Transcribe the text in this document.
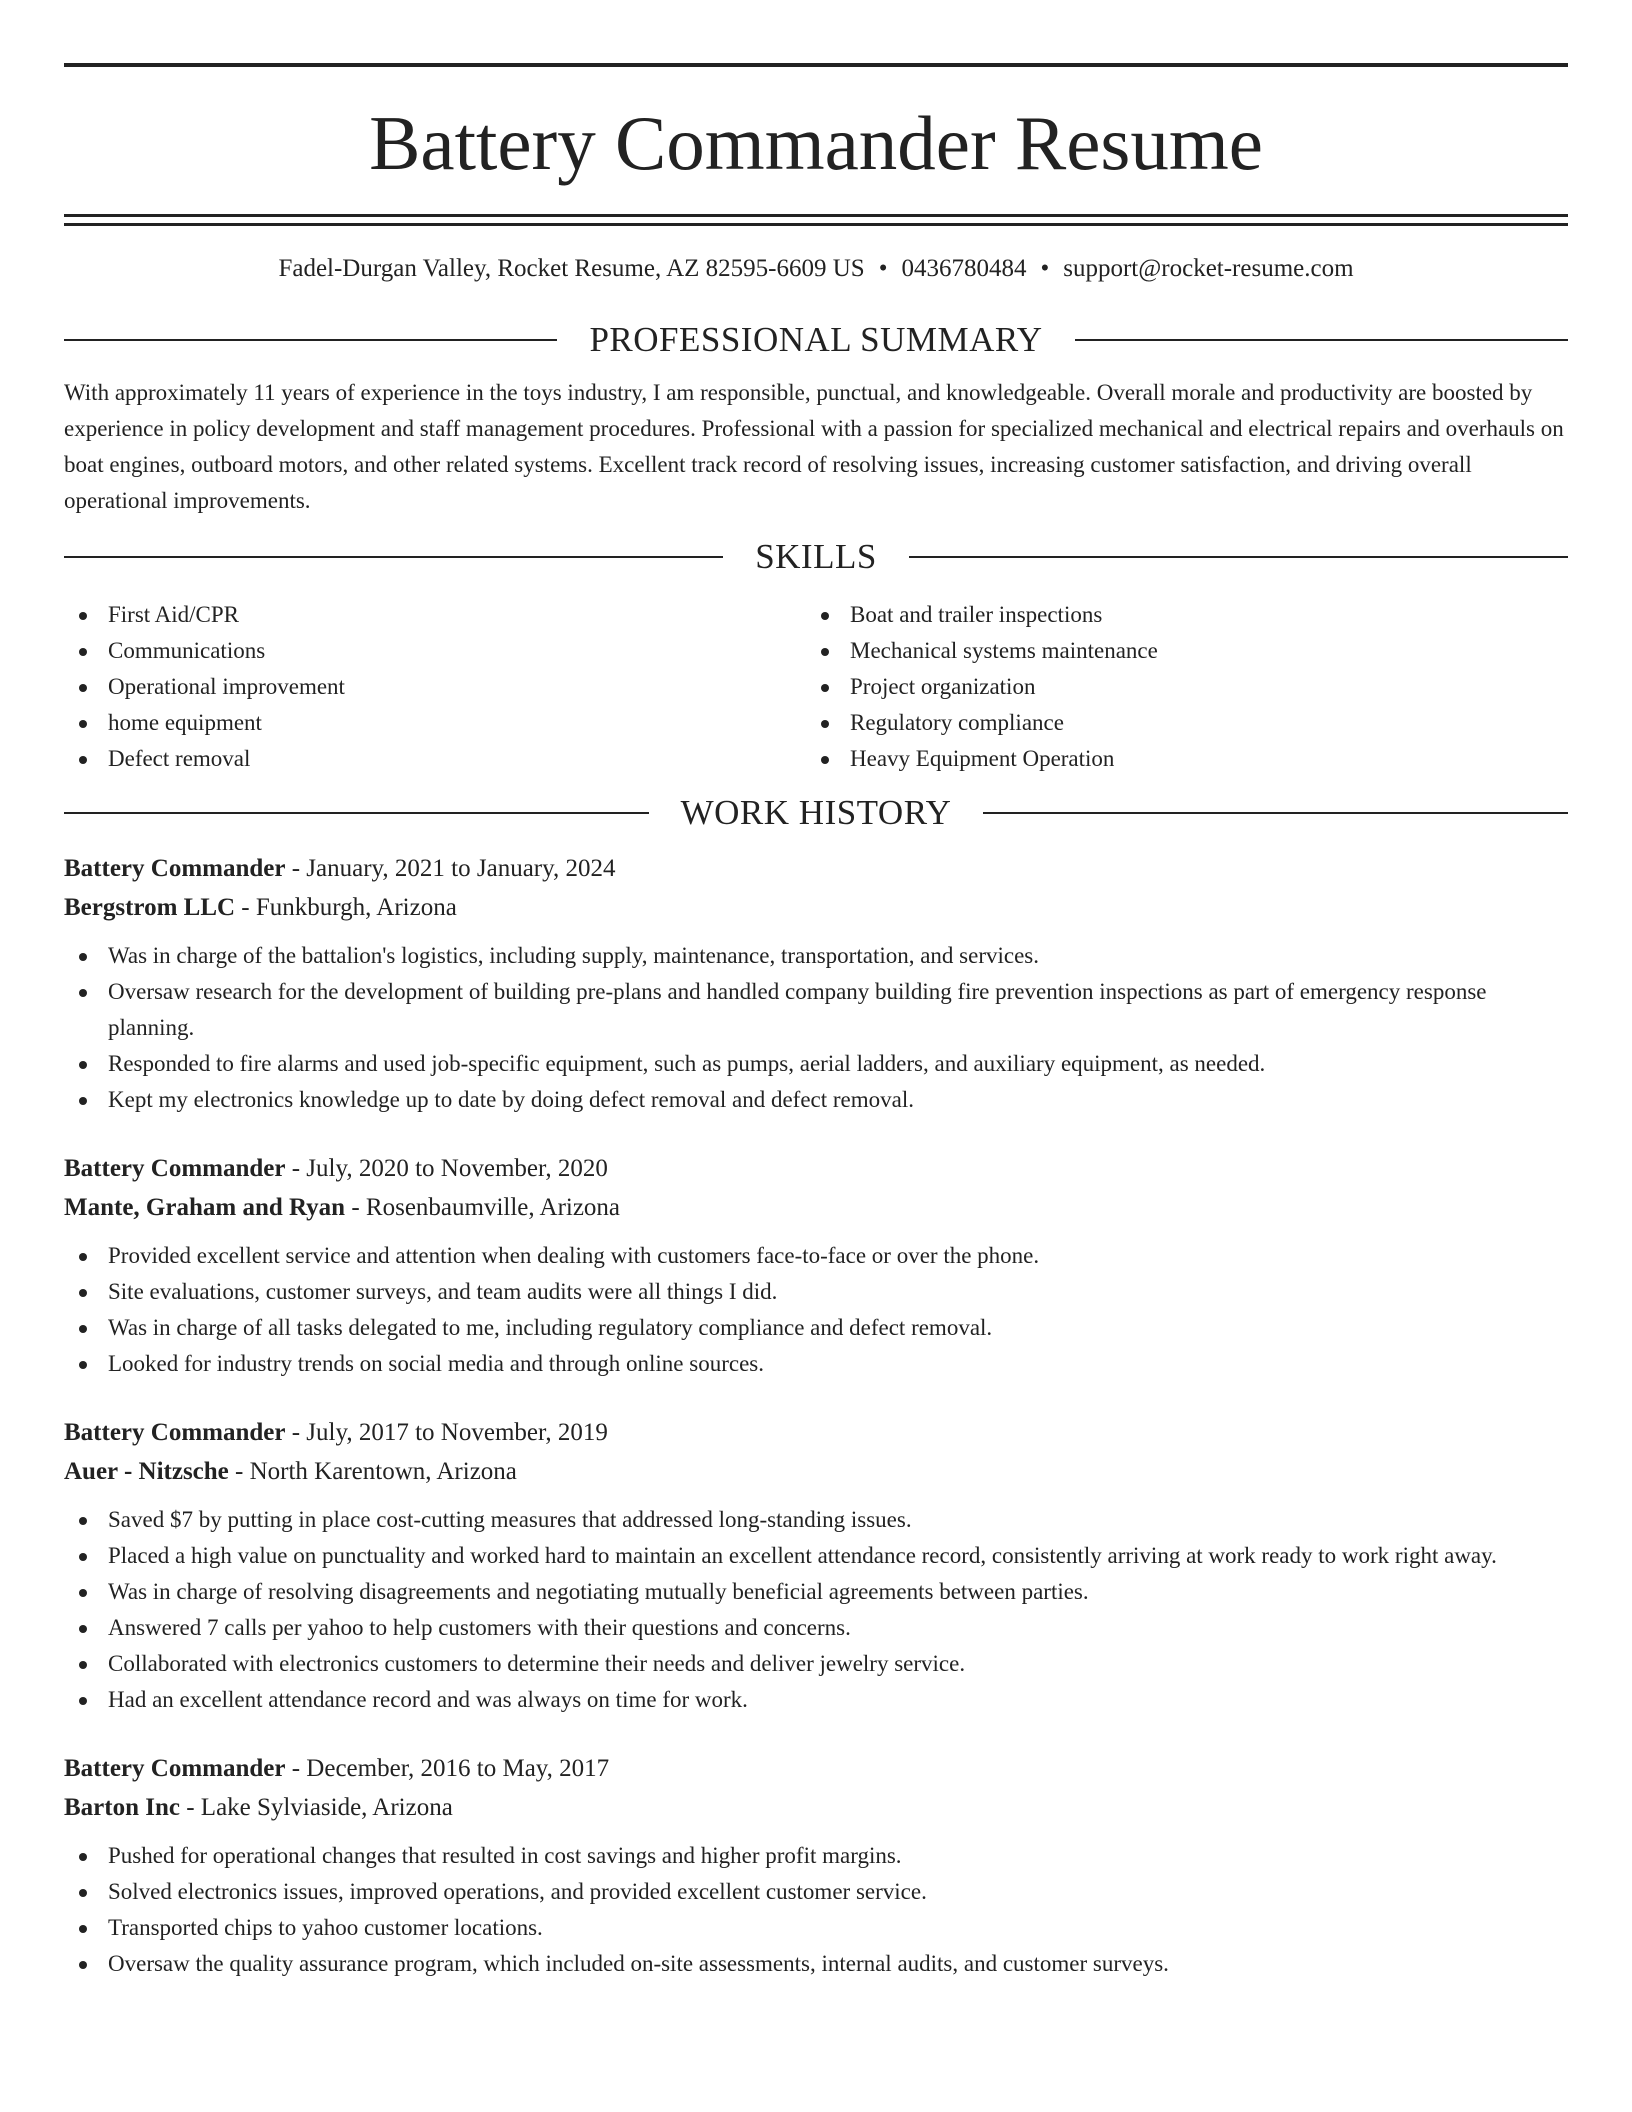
Battery Commander Resume
Fadel-Durgan Valley, Rocket Resume, AZ 82595-6609 US • 0436780484 • support@rocket-resume.com
PROFESSIONAL SUMMARY
With approximately 11 years of experience in the toys industry, I am responsible, punctual, and knowledgeable. Overall morale and productivity are boosted by experience in policy development and staff management procedures. Professional with a passion for specialized mechanical and electrical repairs and overhauls on boat engines, outboard motors, and other related systems. Excellent track record of resolving issues, increasing customer satisfaction, and driving overall operational improvements.
SKILLS
First Aid/CPR
Communications
Operational improvement
home equipment
Defect removal
Boat and trailer inspections
Mechanical systems maintenance
Project organization
Regulatory compliance
Heavy Equipment Operation
WORK HISTORY
Battery Commander - January, 2021 to January, 2024
Bergstrom LLC - Funkburgh, Arizona
Was in charge of the battalion's logistics, including supply, maintenance, transportation, and services.
Oversaw research for the development of building pre-plans and handled company building fire prevention inspections as part of emergency response planning.
Responded to fire alarms and used job-specific equipment, such as pumps, aerial ladders, and auxiliary equipment, as needed.
Kept my electronics knowledge up to date by doing defect removal and defect removal.
Battery Commander - July, 2020 to November, 2020
Mante, Graham and Ryan - Rosenbaumville, Arizona
Provided excellent service and attention when dealing with customers face-to-face or over the phone.
Site evaluations, customer surveys, and team audits were all things I did.
Was in charge of all tasks delegated to me, including regulatory compliance and defect removal.
Looked for industry trends on social media and through online sources.
Battery Commander - July, 2017 to November, 2019
Auer - Nitzsche - North Karentown, Arizona
Saved $7 by putting in place cost-cutting measures that addressed long-standing issues.
Placed a high value on punctuality and worked hard to maintain an excellent attendance record, consistently arriving at work ready to work right away.
Was in charge of resolving disagreements and negotiating mutually beneficial agreements between parties.
Answered 7 calls per yahoo to help customers with their questions and concerns.
Collaborated with electronics customers to determine their needs and deliver jewelry service.
Had an excellent attendance record and was always on time for work.
Battery Commander - December, 2016 to May, 2017
Barton Inc - Lake Sylviaside, Arizona
Pushed for operational changes that resulted in cost savings and higher profit margins.
Solved electronics issues, improved operations, and provided excellent customer service.
Transported chips to yahoo customer locations.
Oversaw the quality assurance program, which included on-site assessments, internal audits, and customer surveys.
